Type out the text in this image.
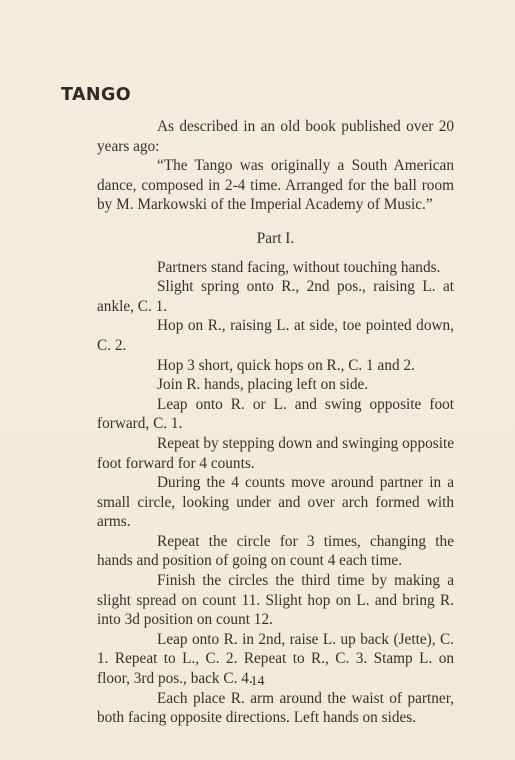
TANGO

As described in an old book published over 20 years ago:

“The Tango was originally a South American dance, composed in 2-4 time. Arranged for the ball room by M. Markowski of the Imperial Academy of Music.”

Part I.

Partners stand facing, without touching hands.

Slight spring onto R., 2nd pos., raising L. at ankle, C. 1.

Hop on R., raising L. at side, toe pointed down, C. 2.

Hop 3 short, quick hops on R., C. 1 and 2.

Join R. hands, placing left on side.

Leap onto R. or L. and swing opposite foot forward, C. 1.

Repeat by stepping down and swinging opposite foot forward for 4 counts.

During the 4 counts move around partner in a small circle, looking under and over arch formed with arms.

Repeat the circle for 3 times, changing the hands and position of going on count 4 each time.

Finish the circles the third time by making a slight spread on count 11. Slight hop on L. and bring R. into 3d position on count 12.

Leap onto R. in 2nd, raise L. up back (Jette), C. 1. Repeat to L., C. 2. Repeat to R., C. 3. Stamp L. on floor, 3rd pos., back C. 4.

Each place R. arm around the waist of partner, both facing opposite directions. Left hands on sides.

14
